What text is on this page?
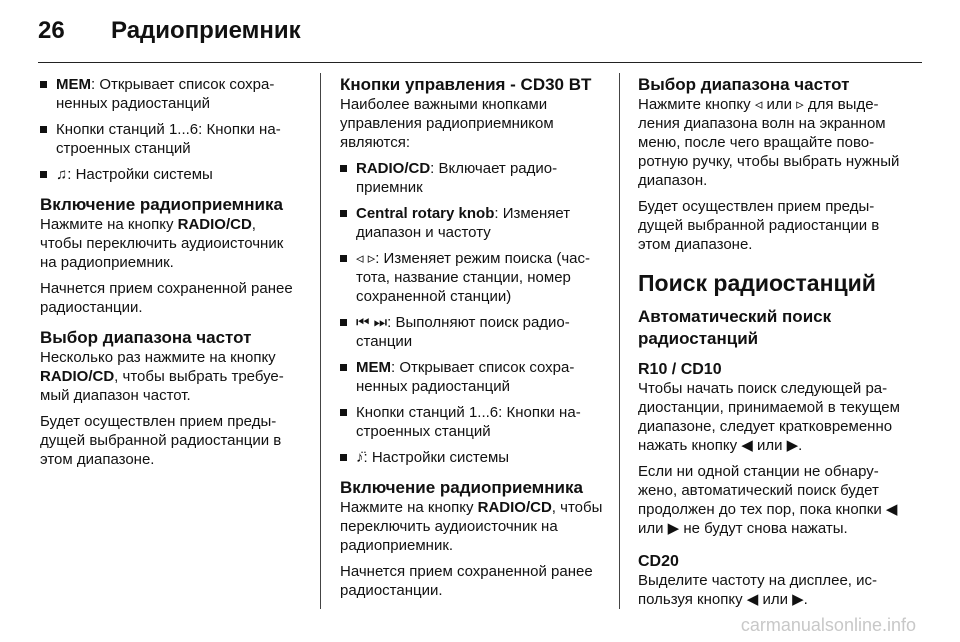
26 Радиоприемник
MEM: Открывает список сохраненных радиостанций
Кнопки станций 1...6: Кнопки настроенных станций
♫: Настройки системы
Включение радиоприемника
Нажмите на кнопку RADIO/CD, чтобы переключить аудиоисточник на радиоприемник.
Начнется прием сохраненной ранее радиостанции.
Выбор диапазона частот
Несколько раз нажмите на кнопку RADIO/CD, чтобы выбрать требуемый диапазон частот.
Будет осуществлен прием предыдущей выбранной радиостанции в этом диапазоне.
Кнопки управления - CD30 BT
Наиболее важными кнопками управления радиоприемником являются:
RADIO/CD: Включает радиоприемник
Central rotary knob: Изменяет диапазон и частоту
◃ ▹: Изменяет режим поиска (частота, название станции, номер сохраненной станции)
⏮ ⏭: Выполняют поиск радиостанции
MEM: Открывает список сохраненных радиостанций
Кнопки станций 1...6: Кнопки настроенных станций
♪̈: Настройки системы
Включение радиоприемника
Нажмите на кнопку RADIO/CD, чтобы переключить аудиоисточник на радиоприемник.
Начнется прием сохраненной ранее радиостанции.
Выбор диапазона частот
Нажмите кнопку ◃ или ▹ для выделения диапазона волн на экранном меню, после чего вращайте поворотную ручку, чтобы выбрать нужный диапазон.
Будет осуществлен прием предыдущей выбранной радиостанции в этом диапазоне.
Поиск радиостанций
Автоматический поиск радиостанций
R10 / CD10
Чтобы начать поиск следующей радиостанции, принимаемой в текущем диапазоне, следует кратковременно нажать кнопку ◀ или ▶.
Если ни одной станции не обнаружено, автоматический поиск будет продолжен до тех пор, пока кнопки ◀ или ▶ не будут снова нажаты.
CD20
Выделите частоту на дисплее, используя кнопку ◀ или ▶.
carmanualsonline.info
